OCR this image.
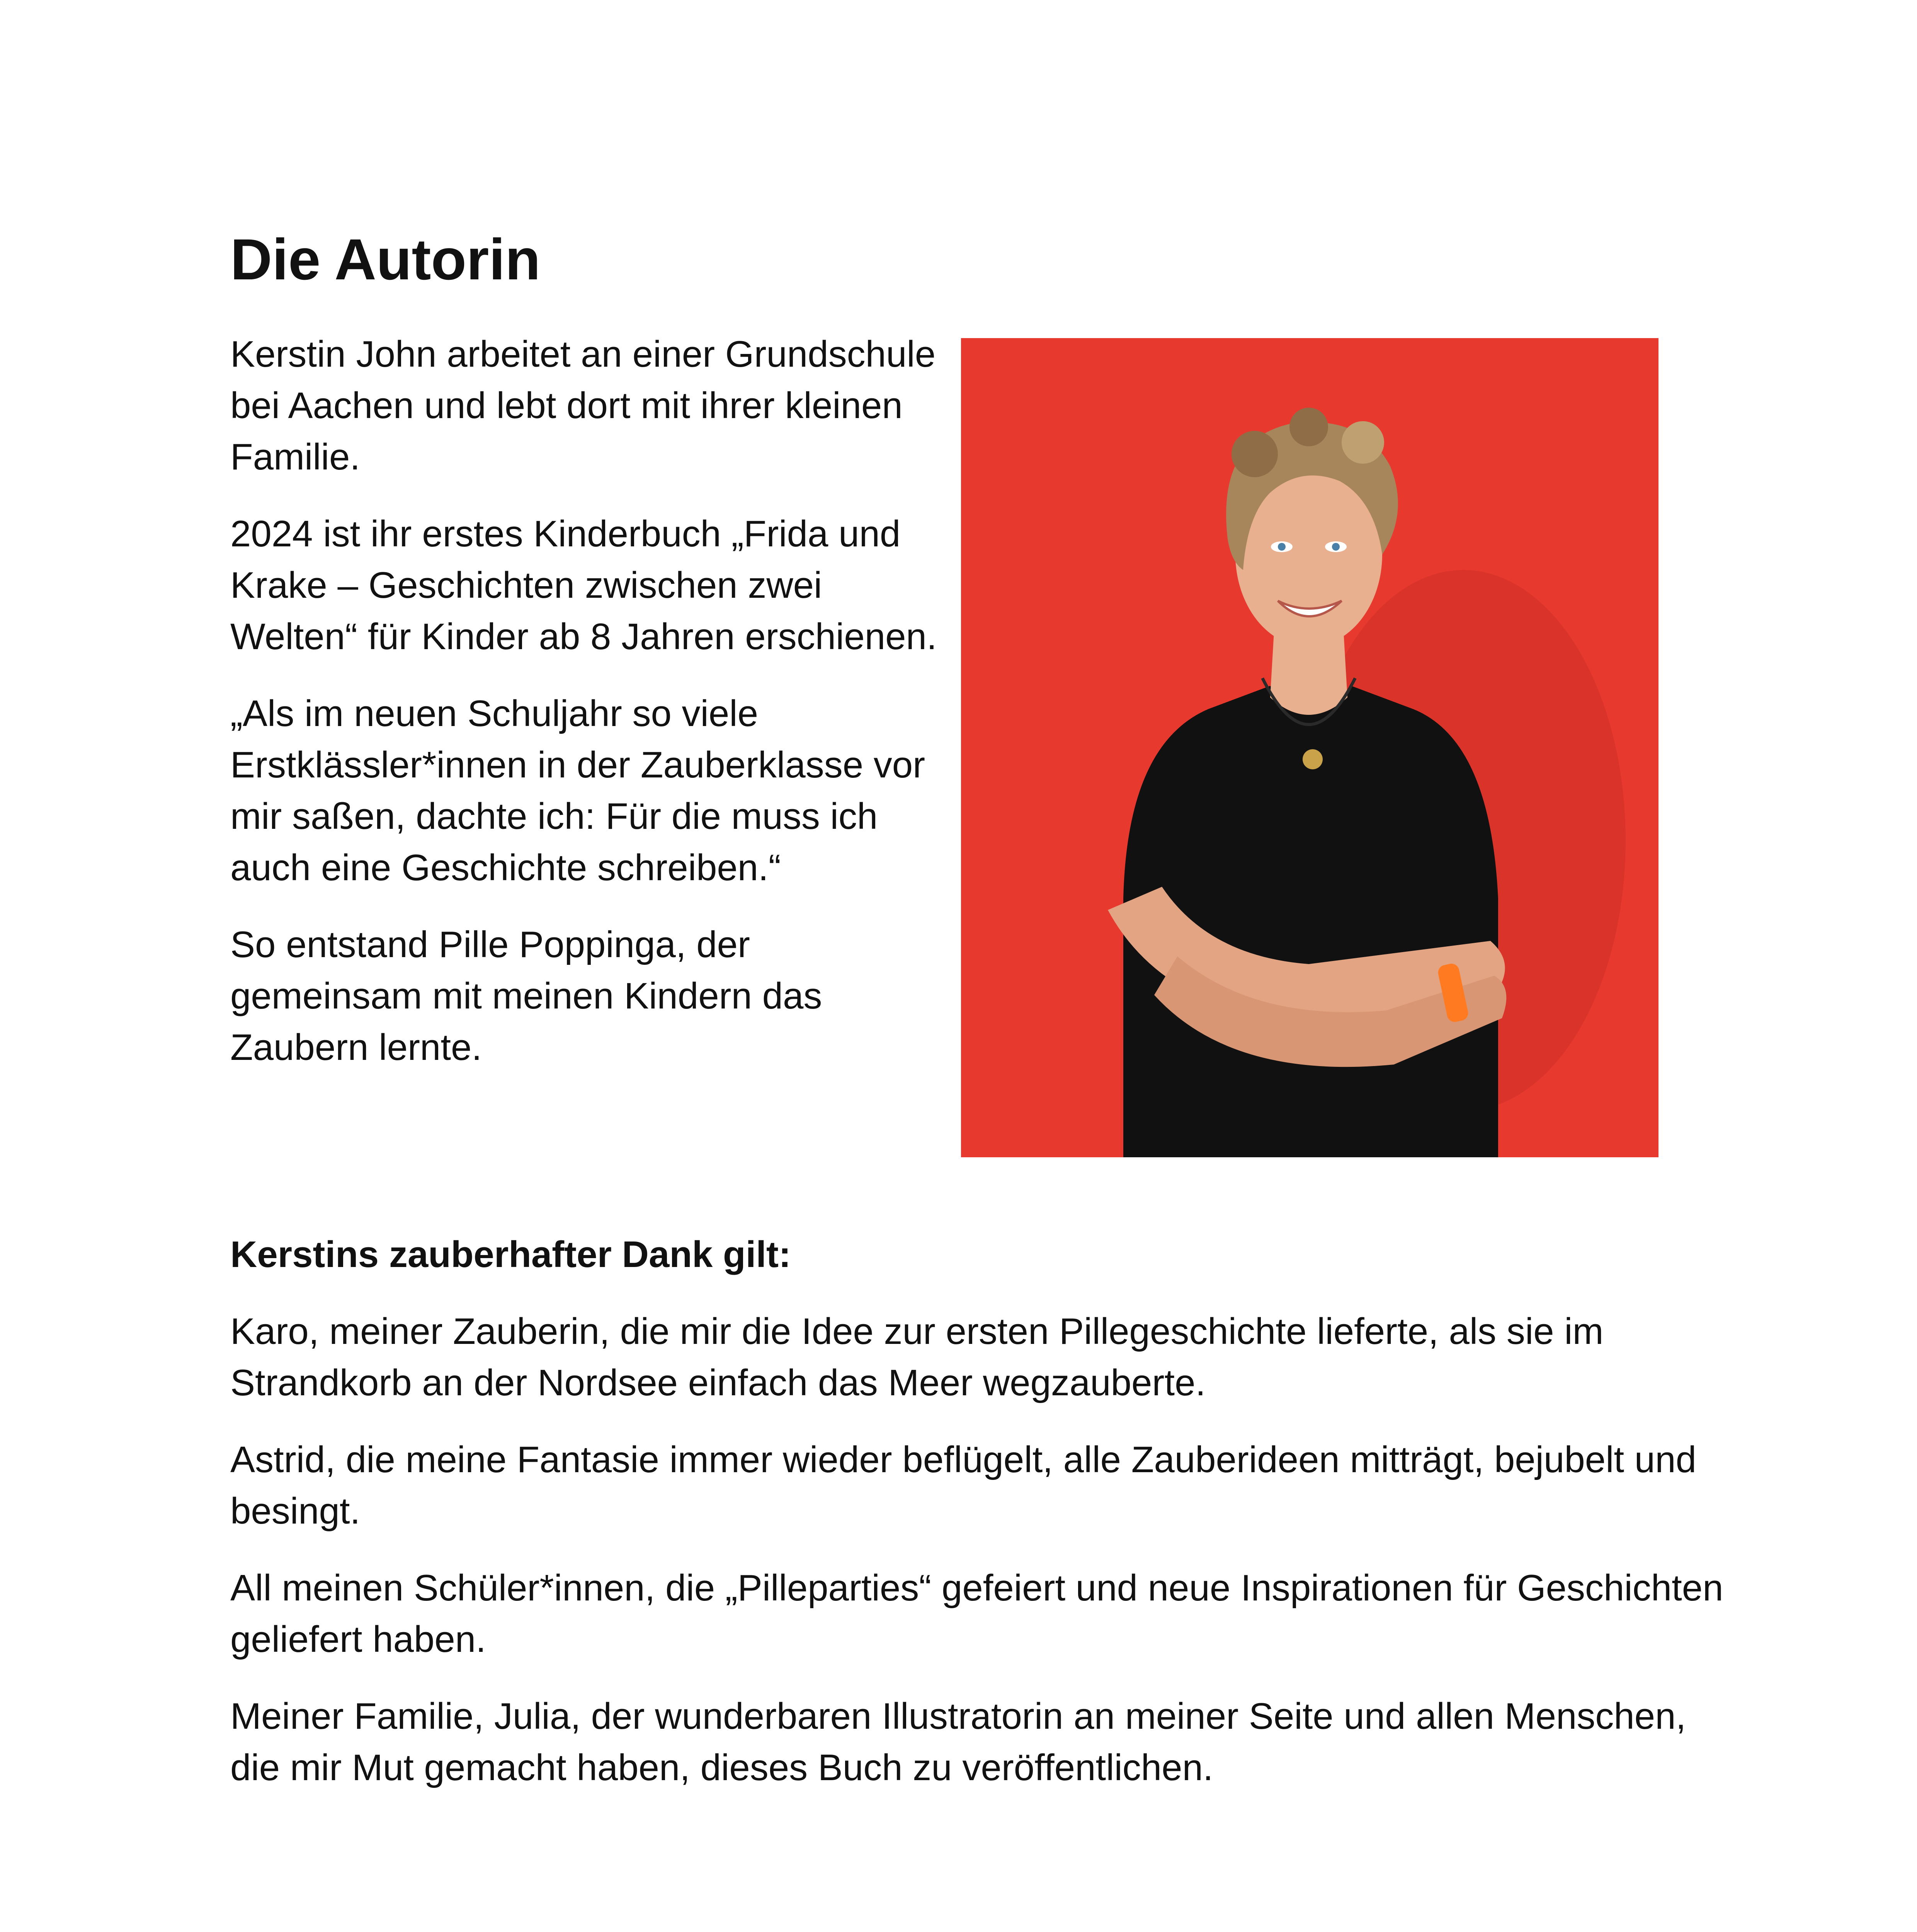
Die Autorin

Kerstin John arbeitet an einer Grundschule bei Aachen und lebt dort mit ihrer kleinen Familie.

2024 ist ihr erstes Kinderbuch „Frida und Krake – Geschichten zwischen zwei Welten“ für Kinder ab 8 Jahren erschienen.

„Als im neuen Schuljahr so viele Erstklässler*innen in der Zauberklasse vor mir saßen, dachte ich: Für die muss ich auch eine Geschichte schreiben.“

So entstand Pille Poppinga, der gemeinsam mit meinen Kindern das Zaubern lernte.

Kerstins zauberhafter Dank gilt:

Karo, meiner Zauberin, die mir die Idee zur ersten Pillegeschichte lieferte, als sie im Strandkorb an der Nordsee einfach das Meer wegzauberte.

Astrid, die meine Fantasie immer wieder beflügelt, alle Zauberideen mitträgt, bejubelt und besingt.

All meinen Schüler*innen, die „Pilleparties“ gefeiert und neue Inspirationen für Geschichten geliefert haben.

Meiner Familie, Julia, der wunderbaren Illustratorin an meiner Seite und allen Menschen, die mir Mut gemacht haben, dieses Buch zu veröffentlichen.
